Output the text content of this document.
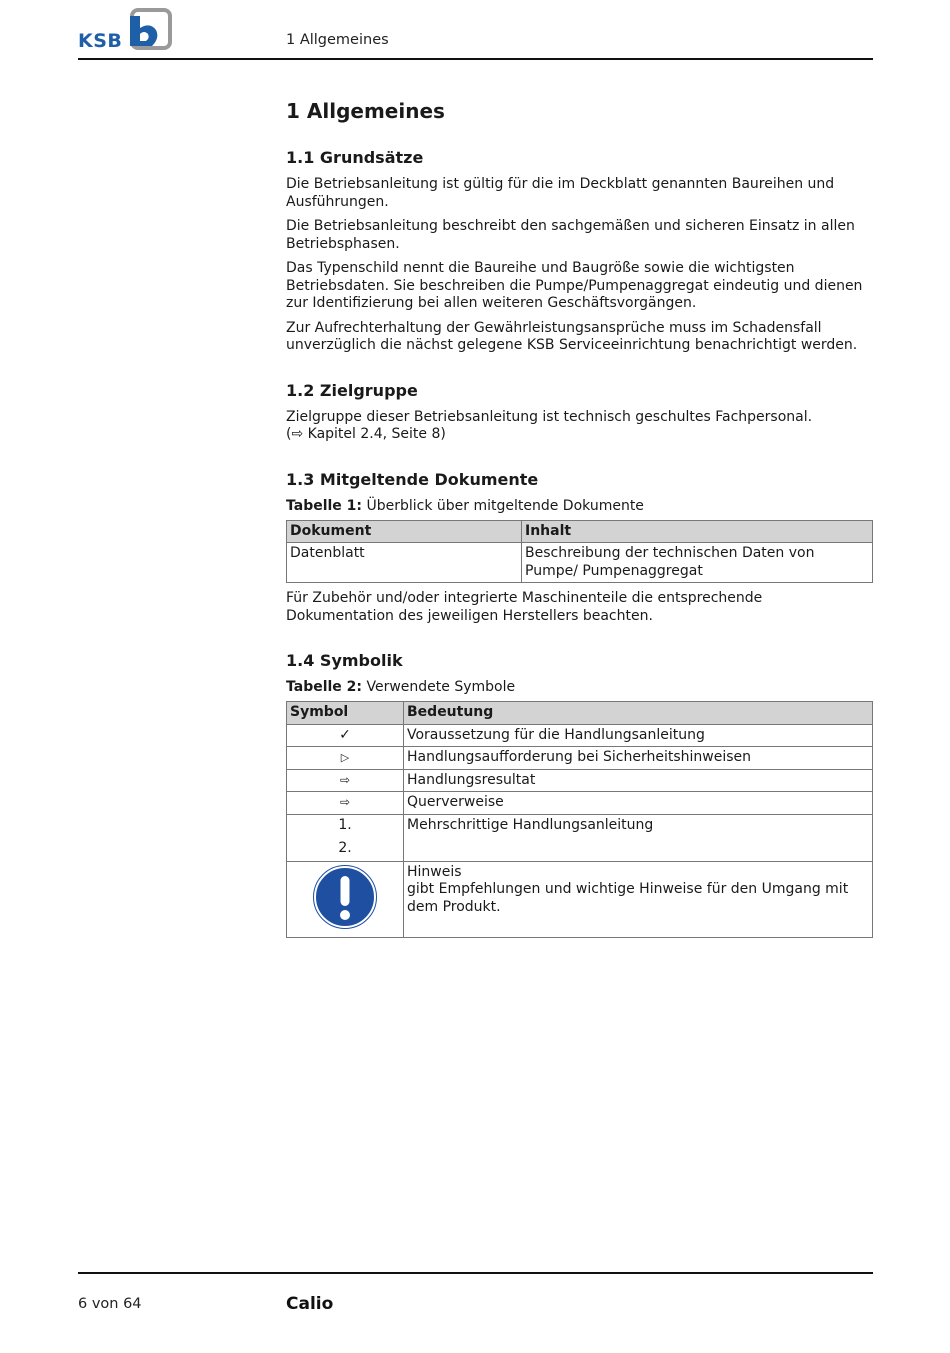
KSB	1 Allgemeines
1 Allgemeines
1.1 Grundsätze

Die Betriebsanleitung ist gültig für die im Deckblatt genannten Baureihen und Ausführungen.

Die Betriebsanleitung beschreibt den sachgemäßen und sicheren Einsatz in allen Betriebsphasen.

Das Typenschild nennt die Baureihe und Baugröße sowie die wichtigsten Betriebsdaten. Sie beschreiben die Pumpe/Pumpenaggregat eindeutig und dienen zur Identifizierung bei allen weiteren Geschäftsvorgängen.

Zur Aufrechterhaltung der Gewährleistungsansprüche muss im Schadensfall unverzüglich die nächst gelegene KSB Serviceeinrichtung benachrichtigt werden.

1.2 Zielgruppe

Zielgruppe dieser Betriebsanleitung ist technisch geschultes Fachpersonal.
(⇨ Kapitel 2.4, Seite 8)

1.3 Mitgeltende Dokumente
Tabelle 1: Überblick über mitgeltende Dokumente
Dokument	Inhalt
Datenblatt	Beschreibung der technischen Daten von Pumpe/ Pumpenaggregat

Für Zubehör und/oder integrierte Maschinenteile die entsprechende Dokumentation des jeweiligen Herstellers beachten.

1.4 Symbolik
Tabelle 2: Verwendete Symbole
Symbol	Bedeutung
✓	Voraussetzung für die Handlungsanleitung
▷	Handlungsaufforderung bei Sicherheitshinweisen
⇨	Handlungsresultat
⇨	Querverweise

1.
2.	Mehrschrittige Handlungsanleitung

Hinweis
gibt Empfehlungen und wichtige Hinweise für den Umgang mit dem Produkt.
6 von 64	Calio
